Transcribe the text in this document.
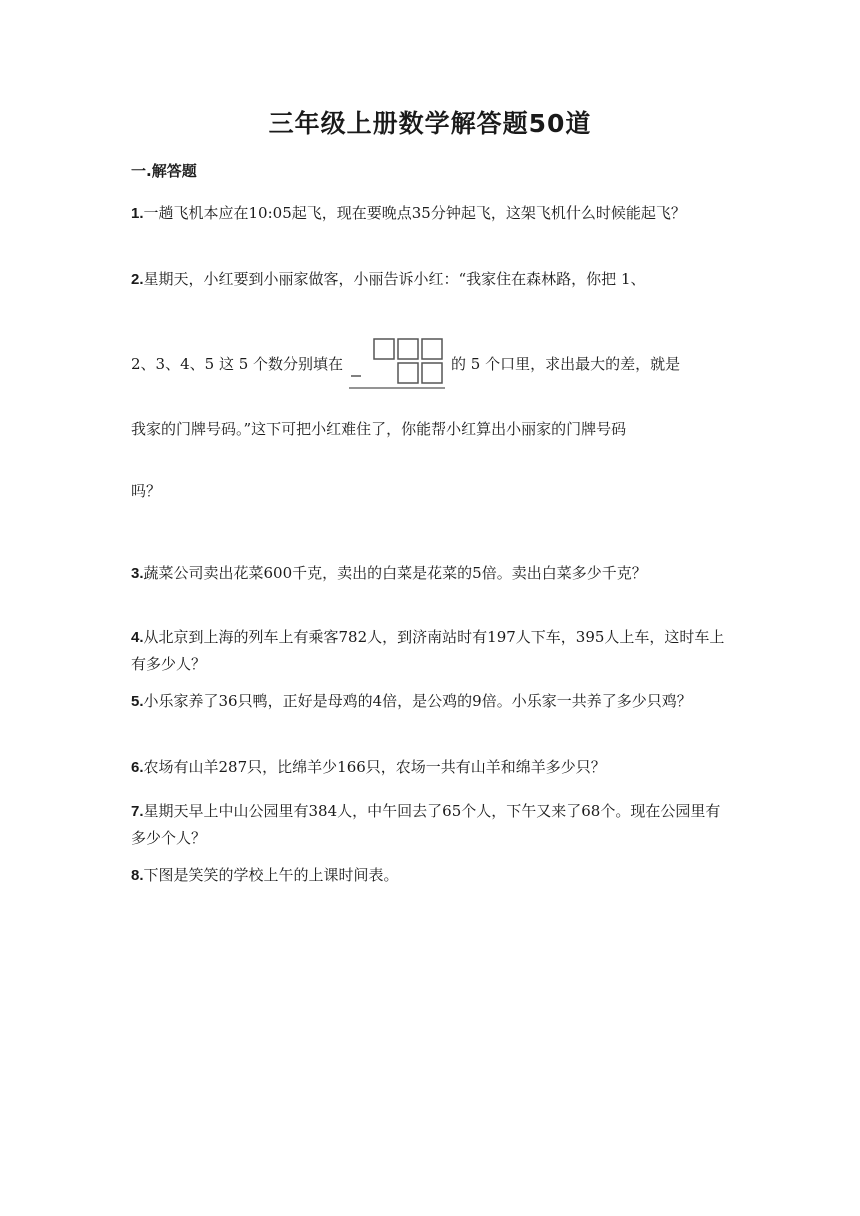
三年级上册数学解答题50道
一.解答题
1.一趟飞机本应在10:05起飞，现在要晚点35分钟起飞，这架飞机什么时候能起飞？
2.星期天，小红要到小丽家做客，小丽告诉小红：“我家住在森林路，你把 1、
2、3、4、5 这 5 个数分别填在	的 5 个口里，求出最大的差，就是
我家的门牌号码。”这下可把小红难住了，你能帮小红算出小丽家的门牌号码
吗？
3.蔬菜公司卖出花菜600千克，卖出的白菜是花菜的5倍。卖出白菜多少千克？
4.从北京到上海的列车上有乘客782人，到济南站时有197人下车，395人上车，这时车上有多少人？
5.小乐家养了36只鸭，正好是母鸡的4倍，是公鸡的9倍。小乐家一共养了多少只鸡？
6.农场有山羊287只，比绵羊少166只，农场一共有山羊和绵羊多少只？
7.星期天早上中山公园里有384人，中午回去了65个人，下午又来了68个。现在公园里有多少个人？
8.下图是笑笑的学校上午的上课时间表。
